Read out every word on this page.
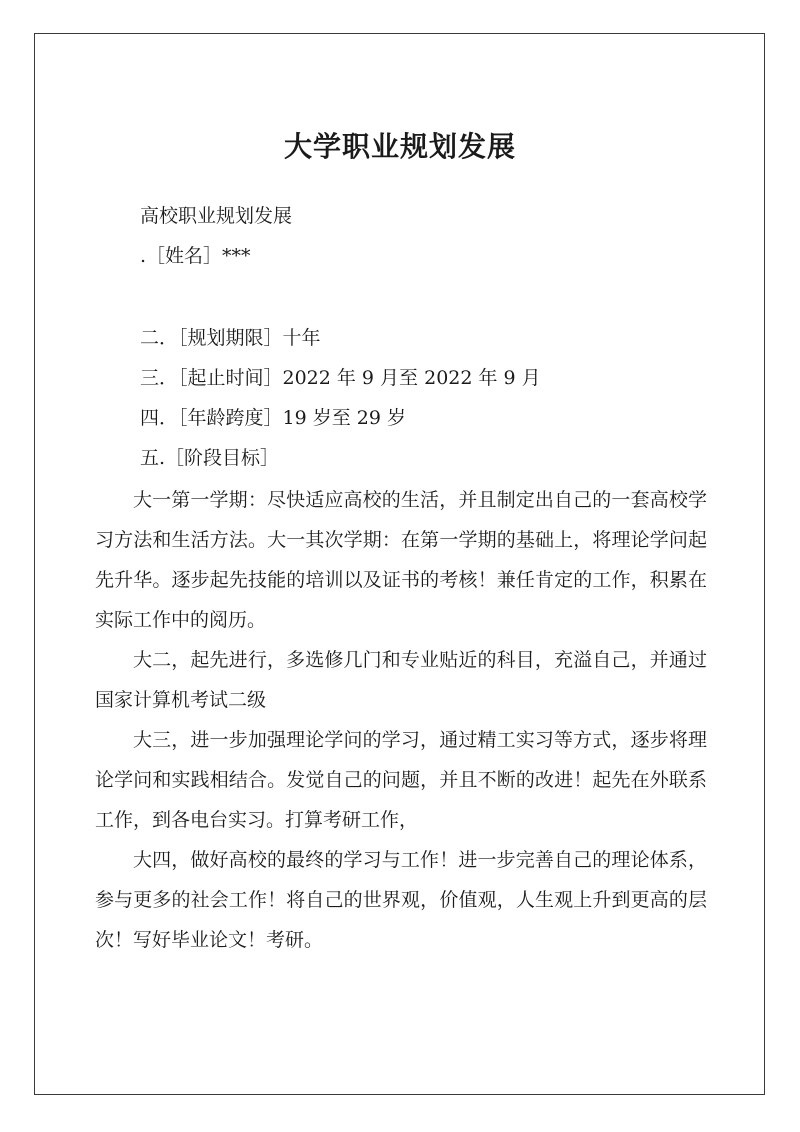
大学职业规划发展
高校职业规划发展
.［姓名］***
二．［规划期限］十年
三．［起止时间］2022 年 9 月至 2022 年 9 月
四．［年龄跨度］19 岁至 29 岁
五.［阶段目标］

大一第一学期：尽快适应高校的生活，并且制定出自己的一套高校学习方法和生活方法。大一其次学期：在第一学期的基础上，将理论学问起先升华。逐步起先技能的培训以及证书的考核！兼任肯定的工作，积累在实际工作中的阅历。

大二，起先进行，多选修几门和专业贴近的科目，充溢自己，并通过国家计算机考试二级

大三，进一步加强理论学问的学习，通过精工实习等方式，逐步将理论学问和实践相结合。发觉自己的问题，并且不断的改进！起先在外联系工作，到各电台实习。打算考研工作，

大四，做好高校的最终的学习与工作！进一步完善自己的理论体系，参与更多的社会工作！将自己的世界观，价值观，人生观上升到更高的层次！写好毕业论文！考研。
